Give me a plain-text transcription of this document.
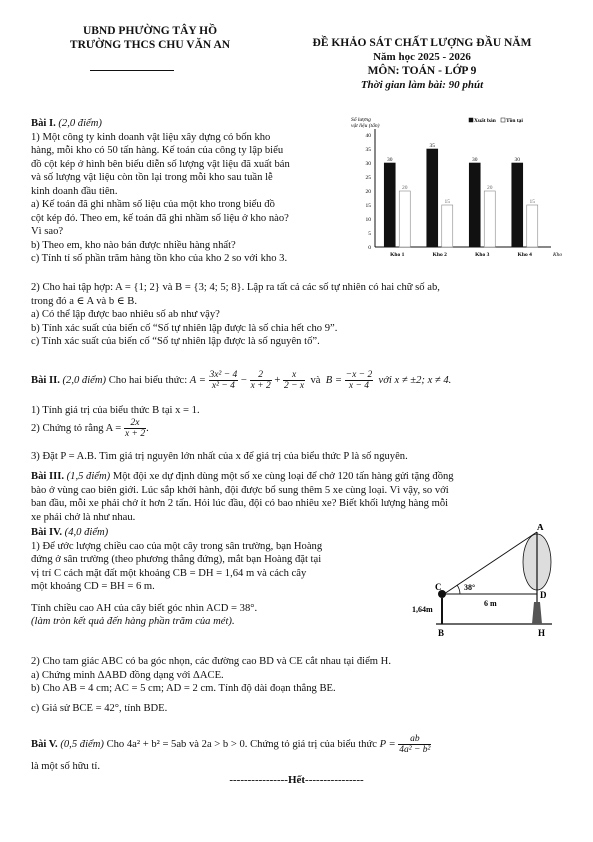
UBND PHƯỜNG TÂY HỒ
TRƯỜNG THCS CHU VĂN AN	ĐỀ KHẢO SÁT CHẤT LƯỢNG ĐẦU NĂM
Năm học 2025 - 2026
MÔN: TOÁN - LỚP 9
Thời gian làm bài: 90 phút
Bài I. (2,0 điểm)
1) Một công ty kinh doanh vật liệu xây dựng có bốn kho
hàng, mỗi kho có 50 tấn hàng. Kế toán của công ty lập biểu
đồ cột kép ở hình bên biểu diễn số lượng vật liệu đã xuất bán
và số lượng vật liệu còn tồn lại trong mỗi kho sau tuần lễ
kinh doanh đầu tiên.
a) Kế toán đã ghi nhầm số liệu của một kho trong biểu đồ
cột kép đó. Theo em, kế toán đã ghi nhầm số liệu ở kho nào?
Vì sao?
b) Theo em, kho nào bán được nhiều hàng nhất?
c) Tính tỉ số phần trăm hàng tồn kho của kho 2 so với kho 3.
Số lượng
vật liệu (tấn)
0
5
10
15
20
25
30
35
40
Xuất bán Tồn tại
30
20
Kho 1
35
15
Kho 2
30
20
Kho 3
30
15
Kho 4	Kho
2) Cho hai tập hợp: A = {1; 2} và B = {3; 4; 5; 8}. Lập ra tất cả các số tự nhiên có hai chữ số ab,
trong đó a ∈ A và b ∈ B.
a) Có thể lập được bao nhiêu số ab như vậy?
b) Tính xác suất của biến cố “Số tự nhiên lập được là số chia hết cho 9”.
c) Tính xác suất của biến cố “Số tự nhiên lập được là số nguyên tố”.
Bài II. (2,0 điểm) Cho hai biểu thức: $A = \frac{\text{3x² − 4}}{\text{x² − 4}} - \frac{2}{x + 2} + \frac{x}{2 - x}$ và $B = \frac{-x - 2}{x - 4}$ với x ≠ ±2; x ≠ 4.
1) Tính giá trị của biểu thức B tại x = 1.
2) Chứng tỏ rằng $A = \frac{2x}{x + 2}$ .
3) Đặt P = A.B. Tìm giá trị nguyên lớn nhất của x để giá trị của biểu thức P là số nguyên.
Bài III. (1,5 điểm) Một đội xe dự định dùng một số xe cùng loại để chở 120 tấn hàng gửi tặng đồng
bào ở vùng cao biên giới. Lúc sắp khởi hành, đội được bổ sung thêm 5 xe cùng loại. Vì vậy, so với
ban đầu, mỗi xe phải chở ít hơn 2 tấn. Hỏi lúc đầu, đội có bao nhiêu xe? Biết khối lượng hàng mỗi
xe phải chở là như nhau.
Bài IV. (4,0 điểm)
1) Để ước lượng chiều cao của một cây trong sân trường, bạn Hoàng
đứng ở sân trường (theo phương thẳng đứng), mắt bạn Hoàng đặt tại
vị trí C cách mặt đất một khoảng CB = DH = 1,64 m và cách cây
một khoảng CD = BH = 6 m.
Tính chiều cao AH của cây biết góc nhìn ACD = 38°.
(làm tròn kết quả đến hàng phần trăm của mét).
A
C
D
B	H
38°
1,64m
6 m
2) Cho tam giác ABC có ba góc nhọn, các đường cao BD và CE cắt nhau tại điểm H.
a) Chứng minh ΔABD đồng dạng với ΔACE.
b) Cho AB = 4 cm; AC = 5 cm; AD = 2 cm. Tính độ dài đoạn thẳng BE.
c) Giả sử BCE = 42°, tính BDE.
Bài V. (0,5 điểm) Cho 4a² + b² = 5ab và 2a > b > 0. Chứng tỏ giá trị của biểu thức $P = \frac{ab}{\text{4a² − b²}}$
là một số hữu tỉ.
----------------Hết----------------
